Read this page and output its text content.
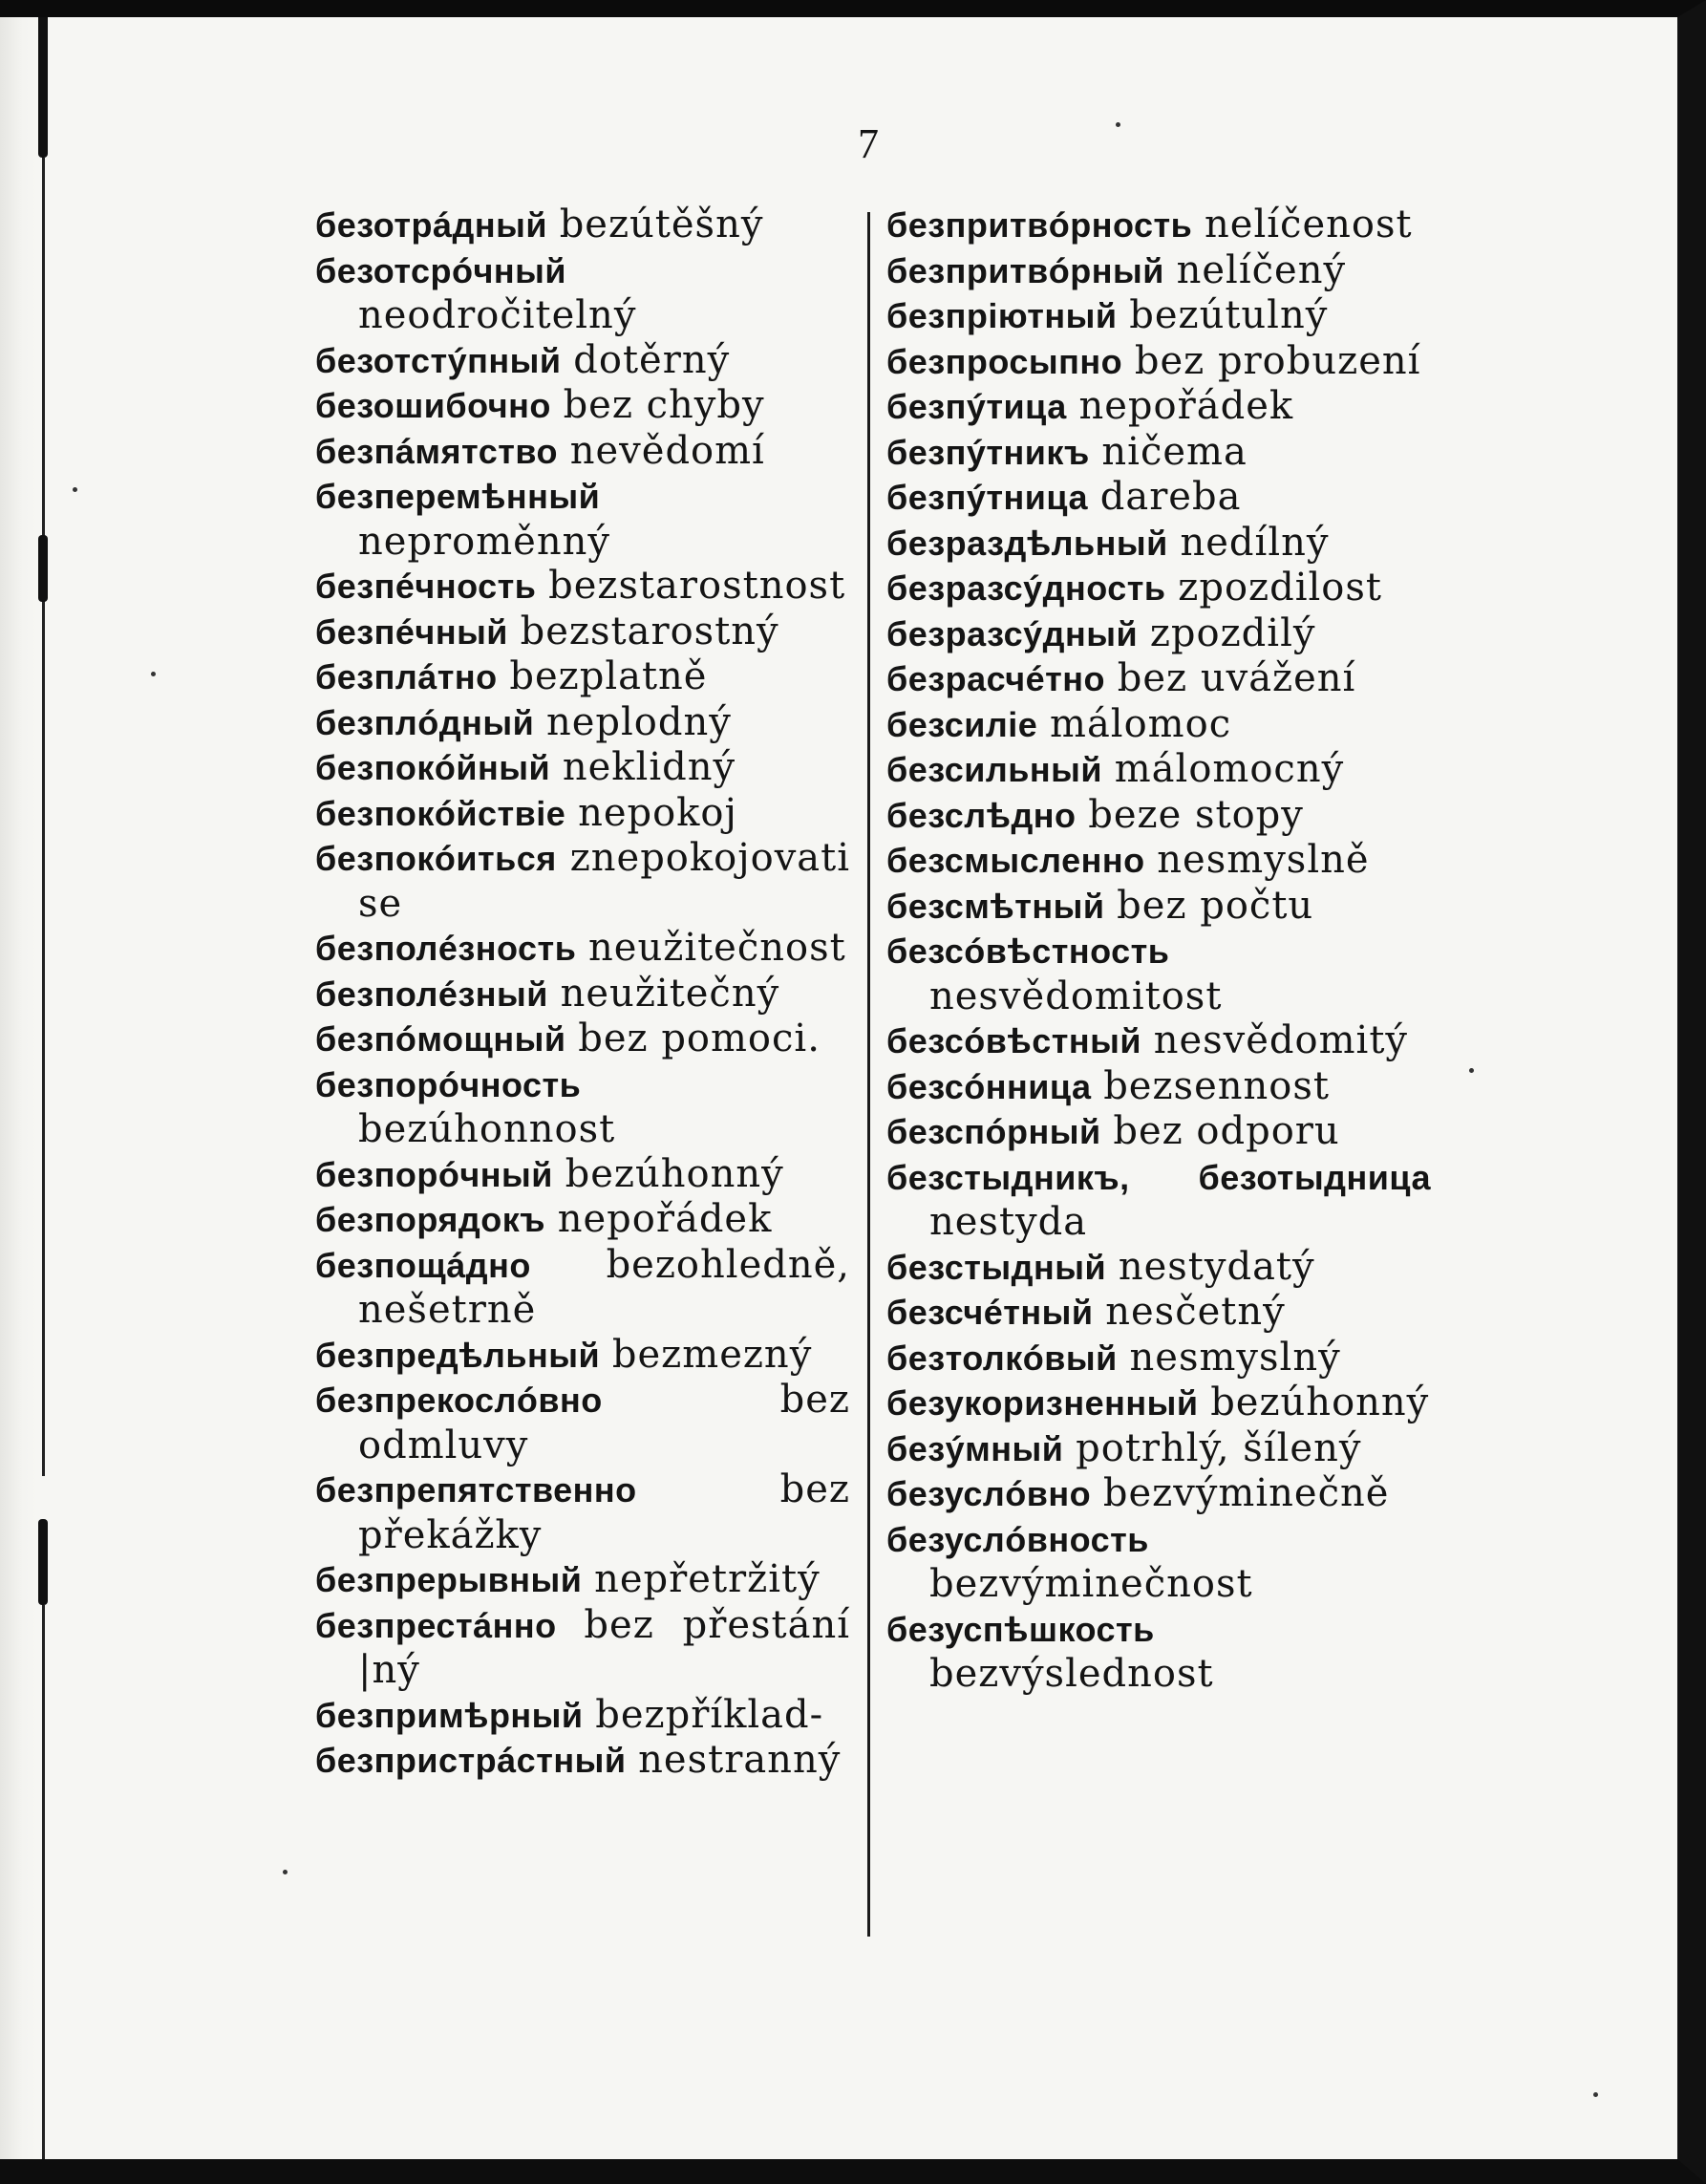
7

безотрáдный bezútěšný

безотсрóчный neodročitelný

безотстýпный dotěrný

безошибочно bez chyby

безпáмятство nevědomí

безперемѣнный neproměnný

безпéчность bezstarostnost

безпéчный bezstarostný

безплáтно bezplatně

безплóдный neplodný

безпокóйный neklidný

безпокóйствіе nepokoj

безпокóиться znepokojovati se

безполéзность neužitečnost

безполéзный neužitečný

безпóмощный bez pomoci.

безпорóчность bezúhonnost

безпорóчный bezúhonný

безпорядокъ nepořádek

безпощáдно bezohledně, nešetrně

безпредѣльный bezmezný

безпрекослóвно	bez odmluvy

безпрепятственно	bez překážky

безпрерывный nepřetržitý

безпрестáнно bez přestání |ný

безпримѣрный bezpříklad-

безпристрáстный nestranný

безпритвóрность nelíčenost

безпритвóрный nelíčený

безпріютный bezútulný

безпросыпно bez probuzení

безпýтица nepořádek

безпýтникъ ničema

безпýтница dareba

безраздѣльный nedílný

безразсýдность zpozdilost

безразсýдный zpozdilý

безрасчéтно bez uvážení

безсилie málomoc

безсильный málomocný

безслѣдно beze stopy

безсмысленно nesmyslně

безсмѣтный bez počtu

безсóвѣстность nesvědomitost

безсóвѣстный nesvědomitý

безсóнница bezsennost

безспóрный bez odporu

безстыдникъ, безотыдница nestyda

безстыдный nestydatý

безсчéтный nesčetný

безтолкóвый nesmyslný

безукоризненный bezúhonný

безýмный potrhlý, šílený

безуслóвно bezvýminečně

безуслóвность bezvýminečnost

безуспѣшкость bezvýslednost
